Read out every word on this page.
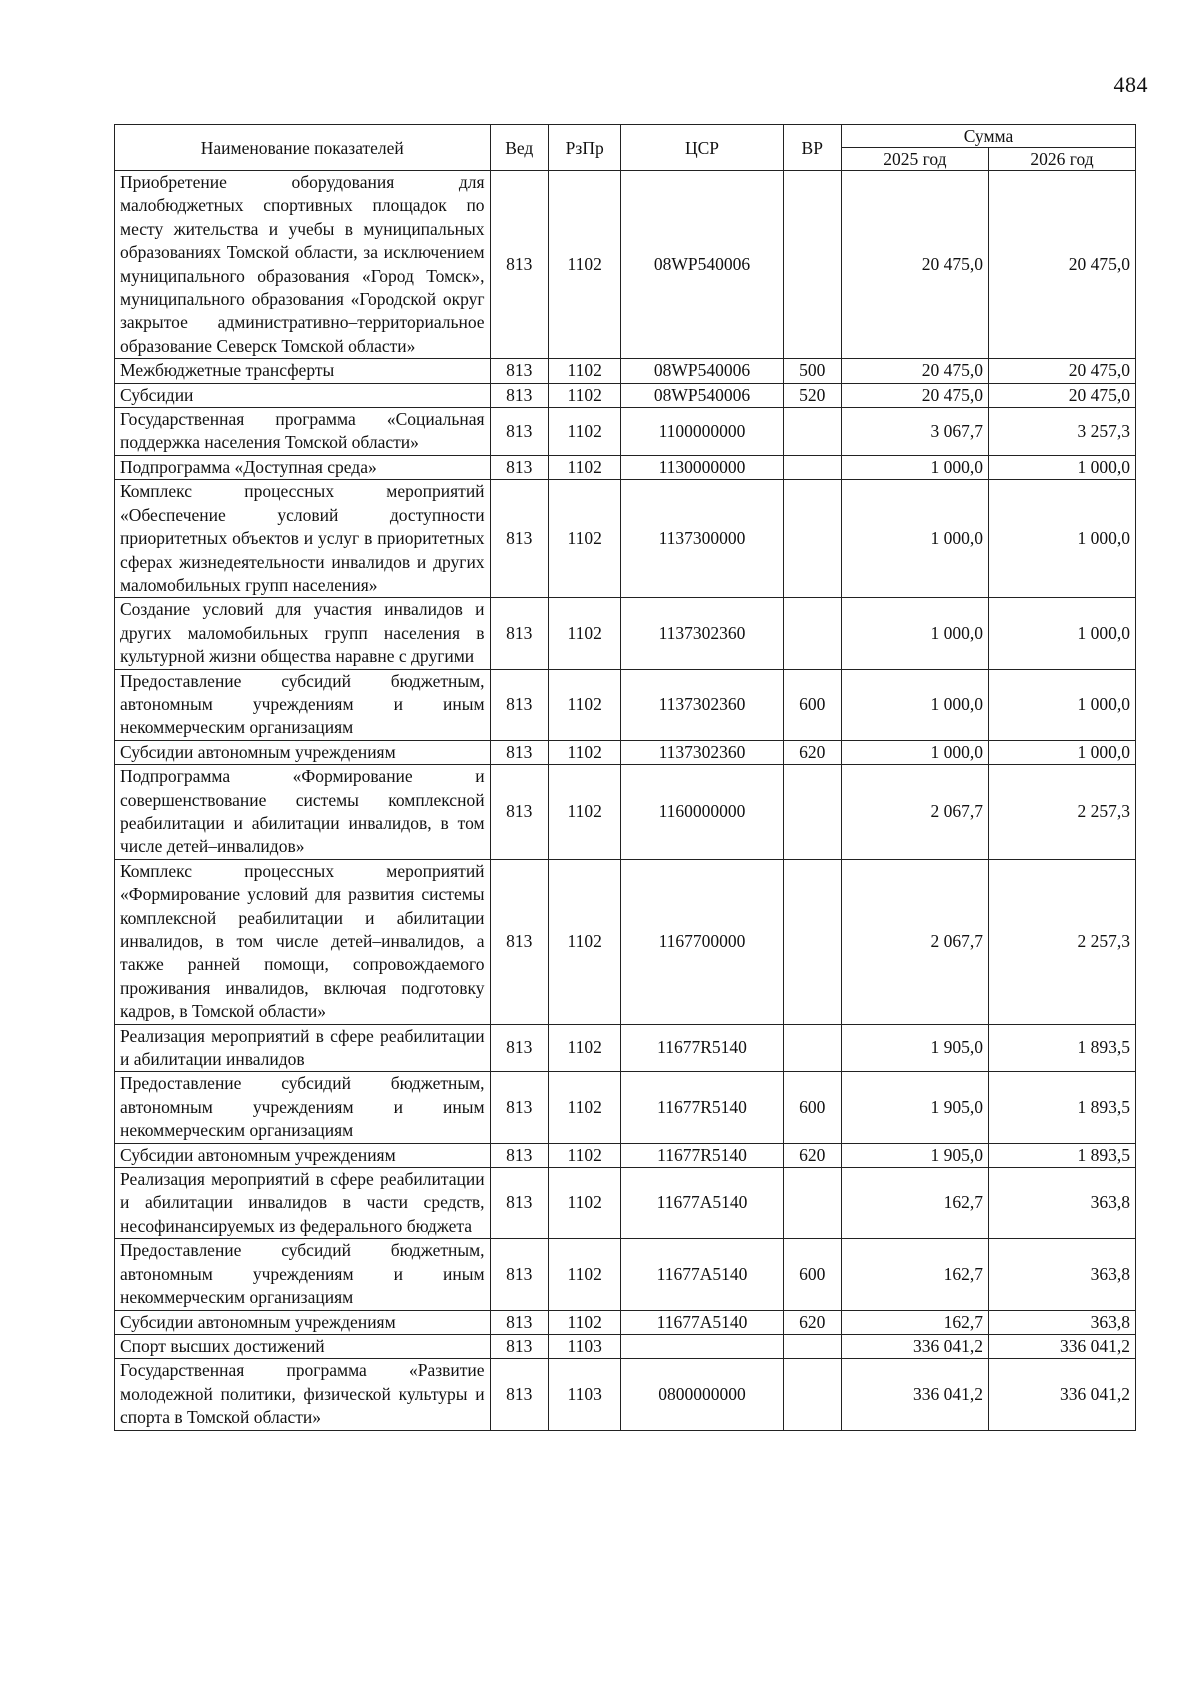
484
Наименование показателей	Вед	РзПр	ЦСР	ВР	Сумма	
					2025 год	2026 год
Приобретение оборудования для малобюджетных спортивных площадок по месту жительства и учебы в муниципальных образованиях Томской области, за исключением муниципального образования «Город Томск», муниципального образования «Городской округ закрытое административно–территориальное образование Северск Томской области»	813	1102	08WP540006		20 475,0	20 475,0
Межбюджетные трансферты	813	1102	08WP540006	500	20 475,0	20 475,0
Субсидии	813	1102	08WP540006	520	20 475,0	20 475,0
Государственная программа «Социальная поддержка населения Томской области»	813	1102	1100000000		3 067,7	3 257,3
Подпрограмма «Доступная среда»	813	1102	1130000000		1 000,0	1 000,0
Комплекс процессных мероприятий «Обеспечение условий доступности приоритетных объектов и услуг в приоритетных сферах жизнедеятельности инвалидов и других маломобильных групп населения»	813	1102	1137300000		1 000,0	1 000,0
Создание условий для участия инвалидов и других маломобильных групп населения в культурной жизни общества наравне с другими	813	1102	1137302360		1 000,0	1 000,0
Предоставление субсидий бюджетным, автономным учреждениям и иным некоммерческим организациям	813	1102	1137302360	600	1 000,0	1 000,0
Субсидии автономным учреждениям	813	1102	1137302360	620	1 000,0	1 000,0
Подпрограмма «Формирование и совершенствование системы комплексной реабилитации и абилитации инвалидов, в том числе детей–инвалидов»	813	1102	1160000000		2 067,7	2 257,3
Комплекс процессных мероприятий «Формирование условий для развития системы комплексной реабилитации и абилитации инвалидов, в том числе детей–инвалидов, а также ранней помощи, сопровождаемого проживания инвалидов, включая подготовку кадров, в Томской области»	813	1102	1167700000		2 067,7	2 257,3
Реализация мероприятий в сфере реабилитации и абилитации инвалидов	813	1102	11677R5140		1 905,0	1 893,5
Предоставление субсидий бюджетным, автономным учреждениям и иным некоммерческим организациям	813	1102	11677R5140	600	1 905,0	1 893,5
Субсидии автономным учреждениям	813	1102	11677R5140	620	1 905,0	1 893,5
Реализация мероприятий в сфере реабилитации и абилитации инвалидов в части средств, несофинансируемых из федерального бюджета	813	1102	11677A5140		162,7	363,8
Предоставление субсидий бюджетным, автономным учреждениям и иным некоммерческим организациям	813	1102	11677A5140	600	162,7	363,8
Субсидии автономным учреждениям	813	1102	11677A5140	620	162,7	363,8
Спорт высших достижений	813	1103			336 041,2	336 041,2
Государственная программа «Развитие молодежной политики, физической культуры и спорта в Томской области»	813	1103	0800000000		336 041,2	336 041,2
